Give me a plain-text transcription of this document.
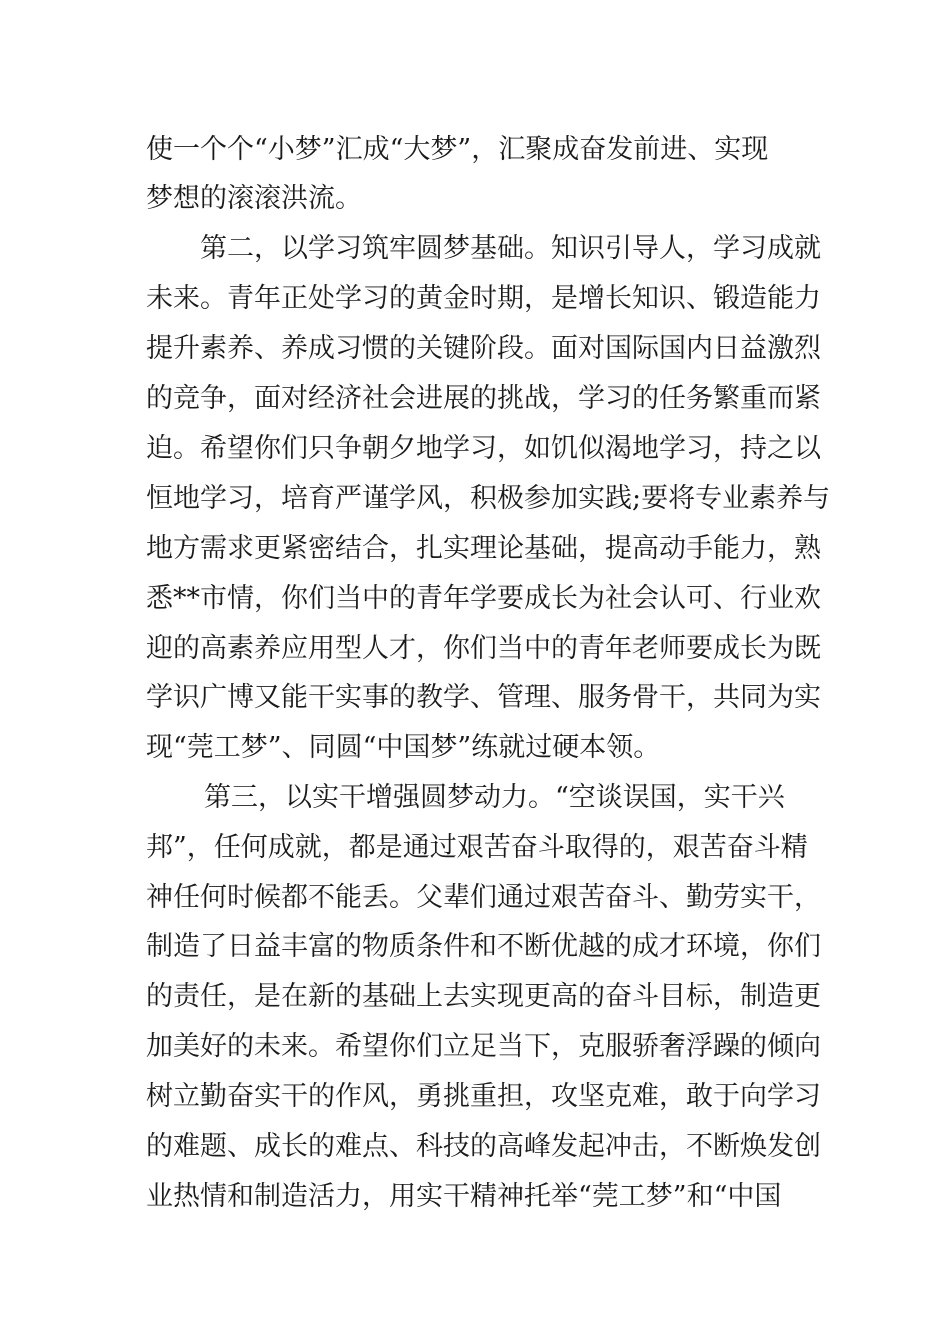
使一个个“小梦”汇成“大梦”，汇聚成奋发前进、实现

梦想的滚滚洪流。

第二，以学习筑牢圆梦基础。知识引导人，学习成就

未来。青年正处学习的黄金时期，是增长知识、锻造能力

提升素养、养成习惯的关键阶段。面对国际国内日益激烈

的竞争，面对经济社会进展的挑战，学习的任务繁重而紧

迫。希望你们只争朝夕地学习，如饥似渴地学习，持之以

恒地学习，培育严谨学风，积极参加实践;要将专业素养与

地方需求更紧密结合，扎实理论基础，提高动手能力，熟

悉**市情，你们当中的青年学要成长为社会认可、行业欢

迎的高素养应用型人才，你们当中的青年老师要成长为既

学识广博又能干实事的教学、管理、服务骨干，共同为实

现“莞工梦”、同圆“中国梦”练就过硬本领。

第三，以实干增强圆梦动力。“空谈误国，实干兴

邦”，任何成就，都是通过艰苦奋斗取得的，艰苦奋斗精

神任何时候都不能丢。父辈们通过艰苦奋斗、勤劳实干，

制造了日益丰富的物质条件和不断优越的成才环境，你们

的责任，是在新的基础上去实现更高的奋斗目标，制造更

加美好的未来。希望你们立足当下，克服骄奢浮躁的倾向

树立勤奋实干的作风，勇挑重担，攻坚克难，敢于向学习

的难题、成长的难点、科技的高峰发起冲击，不断焕发创

业热情和制造活力，用实干精神托举“莞工梦”和“中国
